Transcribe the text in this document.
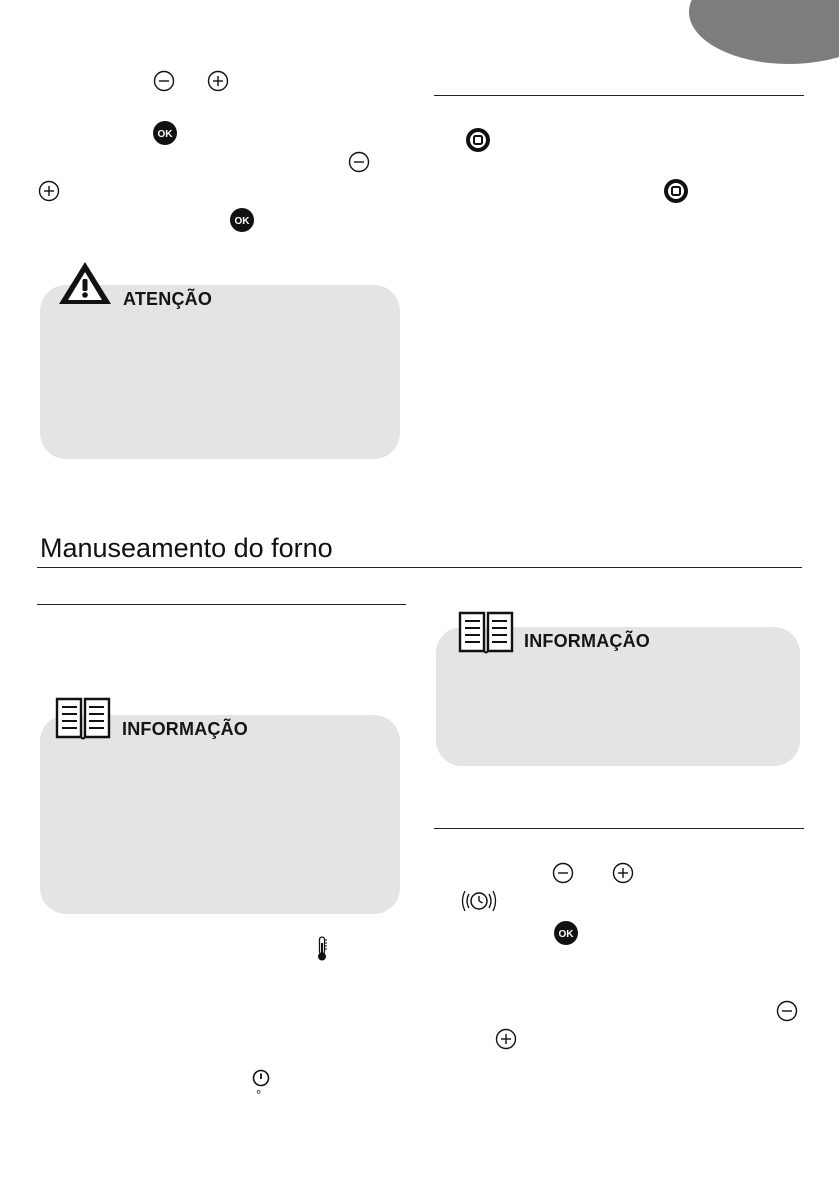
OK
OK
ATENÇÃO
Manuseamento do forno
INFORMAÇÃO
°
INFORMAÇÃO
OK
